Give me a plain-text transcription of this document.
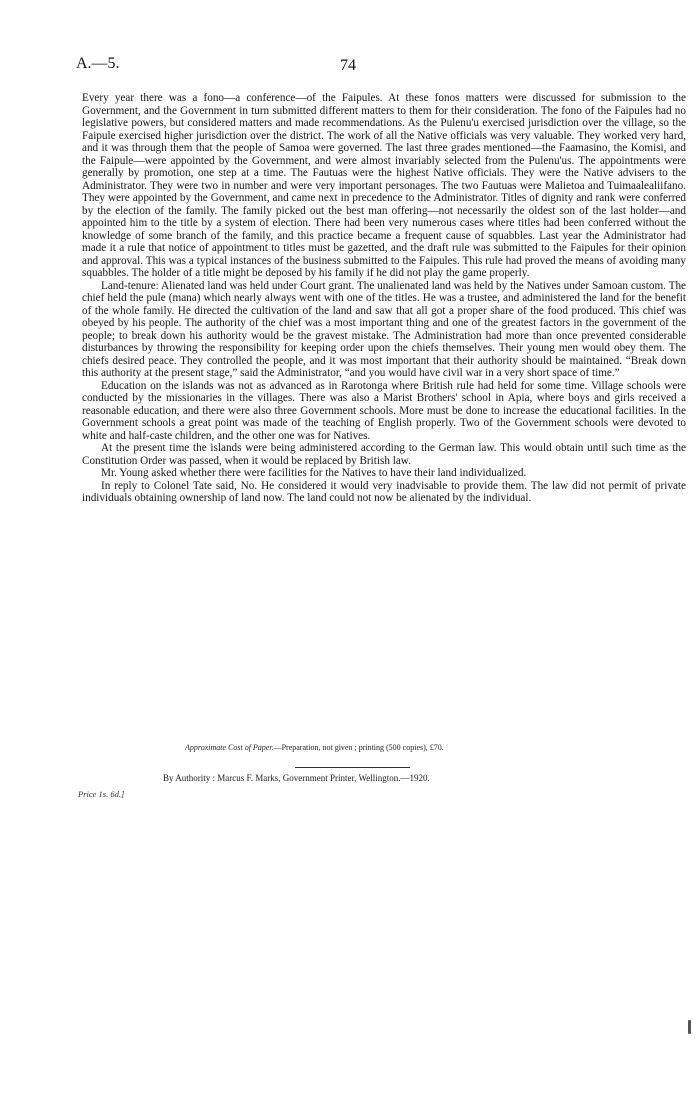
A.—5.	74

Every year there was a fono—a conference—of the Faipules. At these fonos matters were discussed for submission to the Government, and the Government in turn submitted different matters to them for their consideration. The fono of the Faipules had no legislative powers, but considered matters and made recommendations. As the Pulenu'u exercised jurisdiction over the village, so the Faipule exercised higher jurisdiction over the district. The work of all the Native officials was very valuable. They worked very hard, and it was through them that the people of Samoa were governed. The last three grades mentioned—the Faamasino, the Komisi, and the Faipule—were appointed by the Government, and were almost invariably selected from the Pulenu'us. The appointments were generally by promotion, one step at a time. The Fautuas were the highest Native officials. They were the Native advisers to the Administrator. They were two in number and were very important personages. The two Fautuas were Malietoa and Tuimaalealiifano. They were appointed by the Government, and came next in precedence to the Administrator. Titles of dignity and rank were conferred by the election of the family. The family picked out the best man offering—not necessarily the oldest son of the last holder—and appointed him to the title by a system of election. There had been very numerous cases where titles had been conferred without the knowledge of some branch of the family, and this practice became a frequent cause of squabbles. Last year the Administrator had made it a rule that notice of appointment to titles must be gazetted, and the draft rule was submitted to the Faipules for their opinion and approval. This was a typical instances of the business submitted to the Faipules. This rule had proved the means of avoiding many squabbles. The holder of a title might be deposed by his family if he did not play the game properly.

Land-tenure: Alienated land was held under Court grant. The unalienated land was held by the Natives under Samoan custom. The chief held the pule (mana) which nearly always went with one of the titles. He was a trustee, and administered the land for the benefit of the whole family. He directed the cultivation of the land and saw that all got a proper share of the food produced. This chief was obeyed by his people. The authority of the chief was a most important thing and one of the greatest factors in the government of the people; to break down his authority would be the gravest mistake. The Administration had more than once prevented considerable disturbances by throwing the responsibility for keeping order upon the chiefs themselves. Their young men would obey them. The chiefs desired peace. They controlled the people, and it was most important that their authority should be maintained. “Break down this authority at the present stage,” said the Administrator, “and you would have civil war in a very short space of time.”

Education on the islands was not as advanced as in Rarotonga where British rule had held for some time. Village schools were conducted by the missionaries in the villages. There was also a Marist Brothers' school in Apia, where boys and girls received a reasonable education, and there were also three Government schools. More must be done to increase the educational facilities. In the Government schools a great point was made of the teaching of English properly. Two of the Government schools were devoted to white and half-caste children, and the other one was for Natives.

At the present time the islands were being administered according to the German law. This would obtain until such time as the Constitution Order was passed, when it would be replaced by British law.

Mr. Young asked whether there were facilities for the Natives to have their land individualized.

In reply to Colonel Tate said, No. He considered it would very inadvisable to provide them. The law did not permit of private individuals obtaining ownership of land now. The land could not now be alienated by the individual.

Approximate Cost of Paper.—Preparation, not given ; printing (500 copies), £70.
By Authority : Marcus F. Marks, Government Printer, Wellington.—1920.
Price 1s. 6d.]
